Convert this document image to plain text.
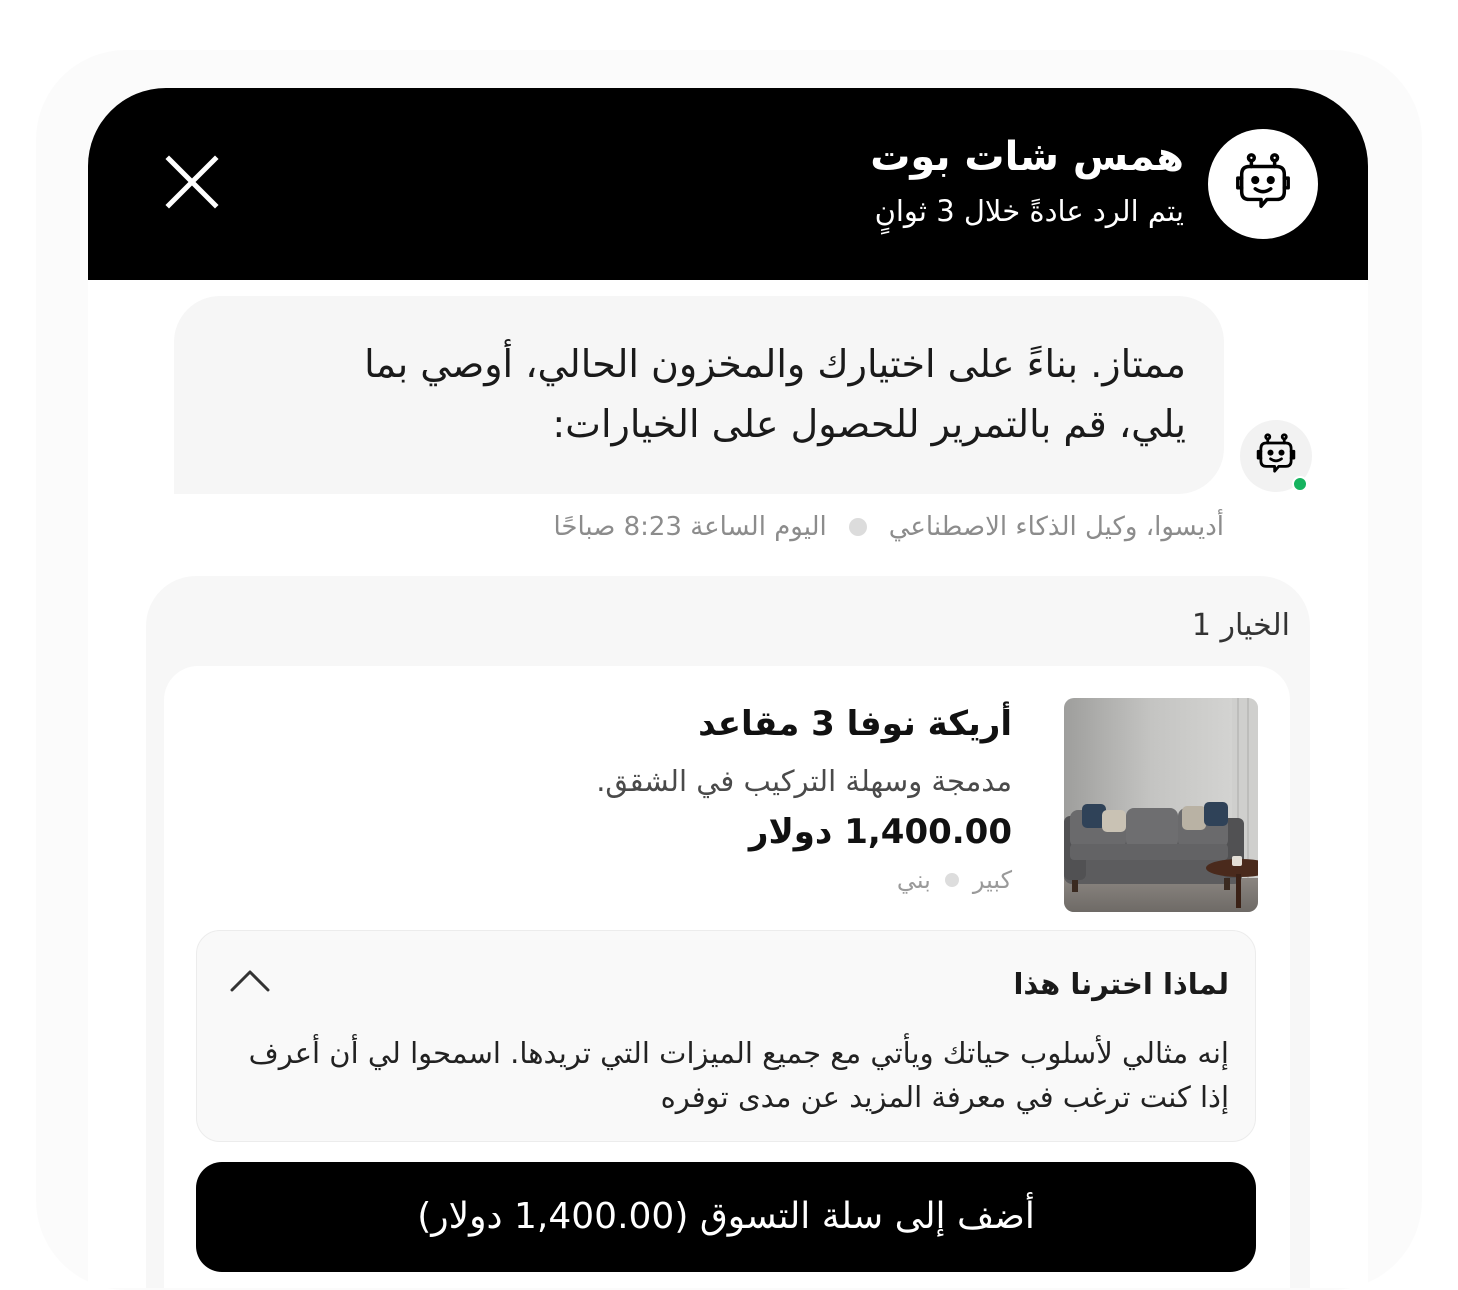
همس شات بوت
يتم الرد عادةً خلال 3 ثوانٍ
ممتاز. بناءً على اختيارك والمخزون الحالي، أوصي بما
يلي، قم بالتمرير للحصول على الخيارات:
أديسوا، وكيل الذكاء الاصطناعي
اليوم الساعة 8:23 صباحًا
الخيار 1
أريكة نوفا 3 مقاعد
مدمجة وسهلة التركيب في الشقق.
1,400.00 دولار
كبير
بني
لماذا اخترنا هذا
إنه مثالي لأسلوب حياتك ويأتي مع جميع الميزات التي تريدها. اسمحوا لي أن أعرف إذا كنت ترغب في معرفة المزيد عن مدى توفره
أضف إلى سلة التسوق (1,400.00 دولار)
